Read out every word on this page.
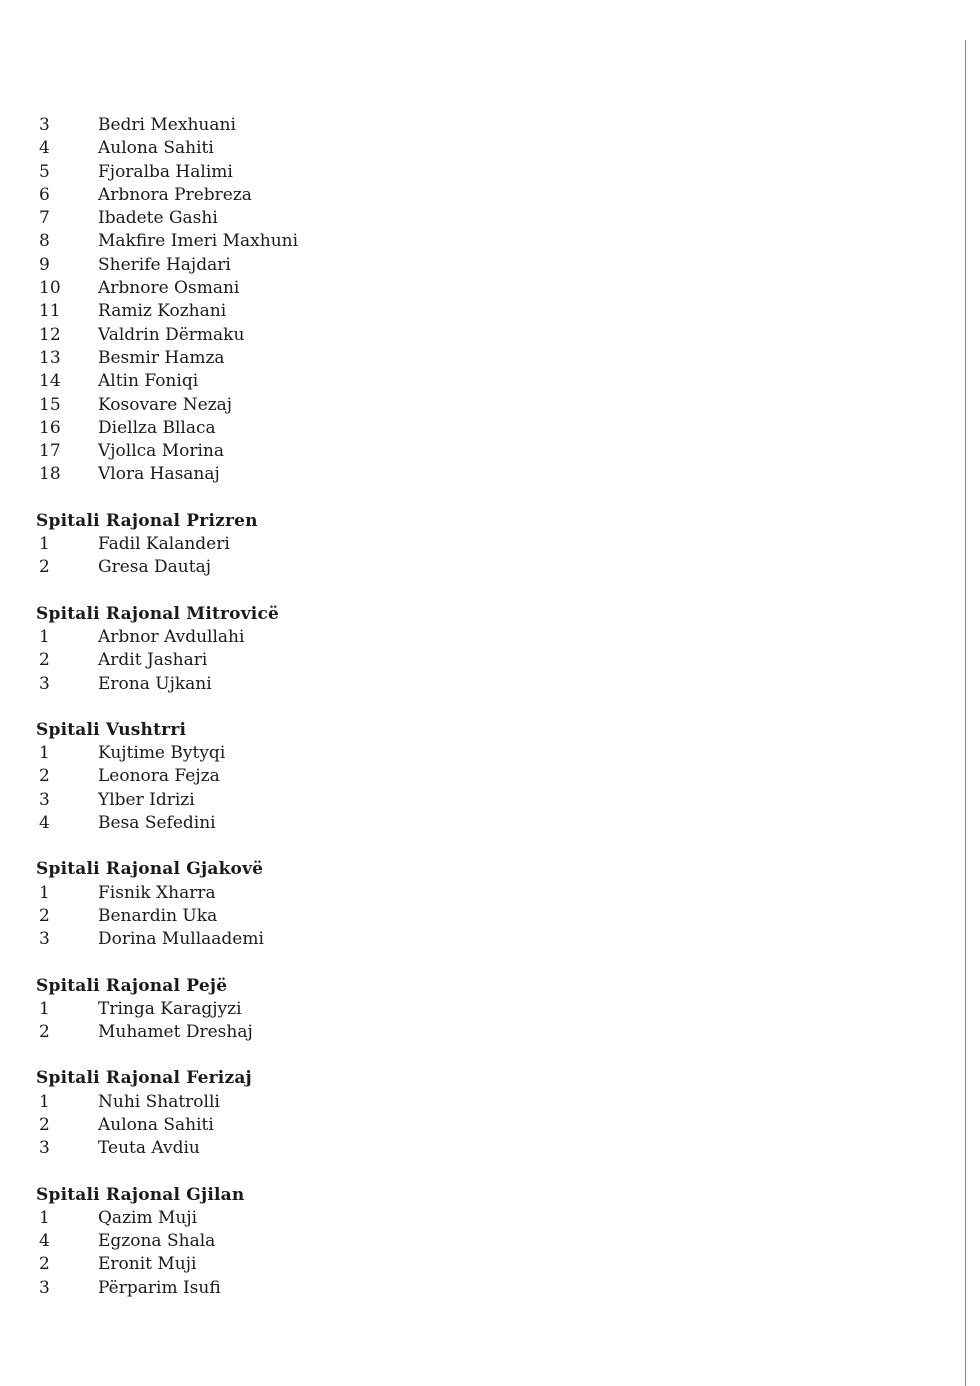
3	Bedri Mexhuani
4	Aulona Sahiti
5	Fjoralba Halimi
6	Arbnora Prebreza
7	Ibadete Gashi
8	Makfire Imeri Maxhuni
9	Sherife Hajdari
10	Arbnore Osmani
11	Ramiz Kozhani
12	Valdrin Dërmaku
13	Besmir Hamza
14	Altin Foniqi
15	Kosovare Nezaj
16	Diellza Bllaca
17	Vjollca Morina
18	Vlora Hasanaj
Spitali Rajonal Prizren
1	Fadil Kalanderi
2	Gresa Dautaj
Spitali Rajonal Mitrovicë
1	Arbnor Avdullahi
2	Ardit Jashari
3	Erona Ujkani
Spitali Vushtrri
1	Kujtime Bytyqi
2	Leonora Fejza
3	Ylber Idrizi
4	Besa Sefedini
Spitali Rajonal Gjakovë
1	Fisnik Xharra
2	Benardin Uka
3	Dorina Mullaademi
Spitali Rajonal Pejë
1	Tringa Karagjyzi
2	Muhamet Dreshaj
Spitali Rajonal Ferizaj
1	Nuhi Shatrolli
2	Aulona Sahiti
3	Teuta Avdiu
Spitali Rajonal Gjilan
1	Qazim Muji
4	Egzona Shala
2	Eronit Muji
3	Përparim Isufi
